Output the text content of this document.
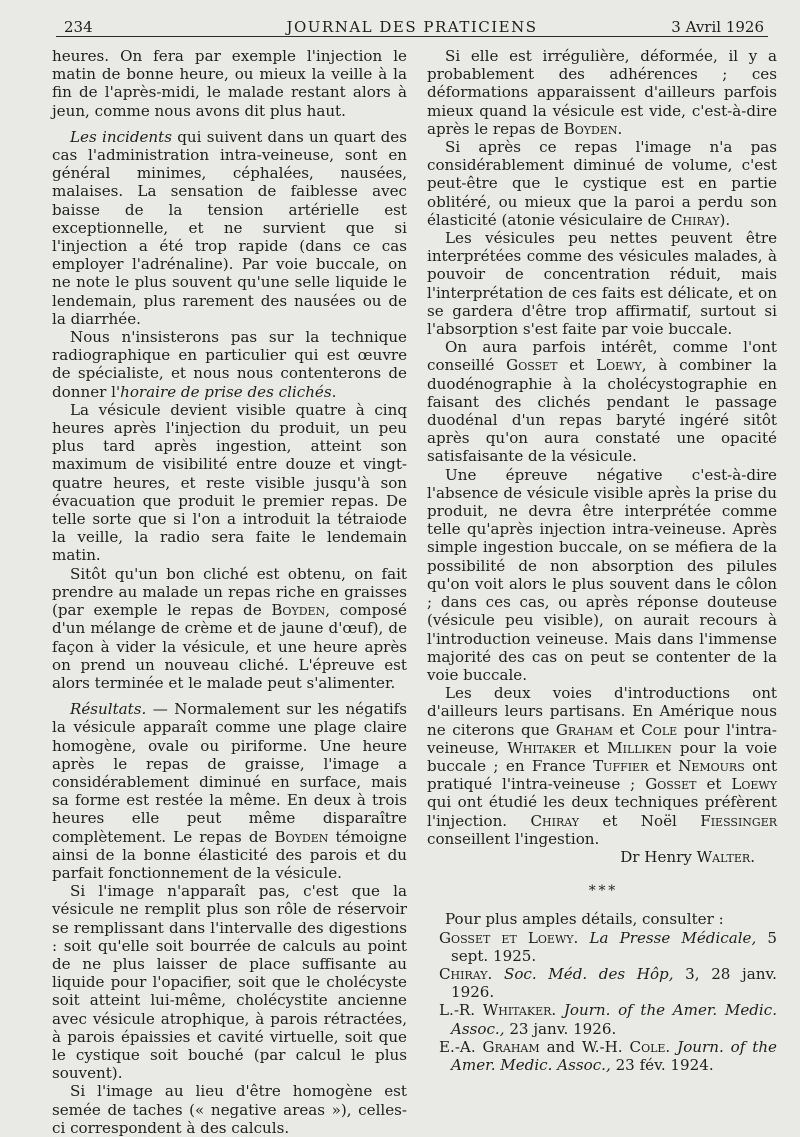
234	JOURNAL DES PRATICIENS	3 Avril 1926

heures. On fera par exemple l'injection le matin de bonne heure, ou mieux la veille à la fin de l'après-midi, le malade restant alors à jeun, comme nous avons dit plus haut.

Les incidents qui suivent dans un quart des cas l'administration intra-veineuse, sont en général minimes, céphalées, nausées, malaises. La sensation de faiblesse avec baisse de la tension artérielle est exceptionnelle, et ne survient que si l'injection a été trop rapide (dans ce cas employer l'adrénaline). Par voie buccale, on ne note le plus souvent qu'une selle liquide le lendemain, plus rarement des nausées ou de la diarrhée.

Nous n'insisterons pas sur la technique radiographique en particulier qui est œuvre de spécialiste, et nous nous contenterons de donner l'horaire de prise des clichés.

La vésicule devient visible quatre à cinq heures après l'injection du produit, un peu plus tard après ingestion, atteint son maximum de visibilité entre douze et vingt-quatre heures, et reste visible jusqu'à son évacuation que produit le premier repas. De telle sorte que si l'on a introduit la tétraiode la veille, la radio sera faite le lendemain matin.

Sitôt qu'un bon cliché est obtenu, on fait prendre au malade un repas riche en graisses (par exemple le repas de Boyden, composé d'un mélange de crème et de jaune d'œuf), de façon à vider la vésicule, et une heure après on prend un nouveau cliché. L'épreuve est alors terminée et le malade peut s'alimenter.

Résultats. — Normalement sur les négatifs la vésicule apparaît comme une plage claire homogène, ovale ou piriforme. Une heure après le repas de graisse, l'image a considérablement diminué en surface, mais sa forme est restée la même. En deux à trois heures elle peut même disparaître complètement. Le repas de Boyden témoigne ainsi de la bonne élasticité des parois et du parfait fonctionnement de la vésicule.

Si l'image n'apparaît pas, c'est que la vésicule ne remplit plus son rôle de réservoir se remplissant dans l'intervalle des digestions : soit qu'elle soit bourrée de calculs au point de ne plus laisser de place suffisante au liquide pour l'opacifier, soit que le cholécyste soit atteint lui-même, cholécystite ancienne avec vésicule atrophique, à parois rétractées, à parois épaissies et cavité virtuelle, soit que le cystique soit bouché (par calcul le plus souvent).

Si l'image au lieu d'être homogène est semée de taches (« negative areas »), celles-ci correspondent à des calculs.

Si elle est irrégulière, déformée, il y a probablement des adhérences ; ces déformations apparaissent d'ailleurs parfois mieux quand la vésicule est vide, c'est-à-dire après le repas de Boyden.

Si après ce repas l'image n'a pas considérablement diminué de volume, c'est peut-être que le cystique est en partie oblitéré, ou mieux que la paroi a perdu son élasticité (atonie vésiculaire de Chiray).

Les vésicules peu nettes peuvent être interprétées comme des vésicules malades, à pouvoir de concentration réduit, mais l'interprétation de ces faits est délicate, et on se gardera d'être trop affirmatif, surtout si l'absorption s'est faite par voie buccale.

On aura parfois intérêt, comme l'ont conseillé Gosset et Loewy, à combiner la duodénographie à la cholécystographie en faisant des clichés pendant le passage duodénal d'un repas baryté ingéré sitôt après qu'on aura constaté une opacité satisfaisante de la vésicule.

Une épreuve négative c'est-à-dire l'absence de vésicule visible après la prise du produit, ne devra être interprétée comme telle qu'après injection intra-veineuse. Après simple ingestion buccale, on se méfiera de la possibilité de non absorption des pilules qu'on voit alors le plus souvent dans le côlon ; dans ces cas, ou après réponse douteuse (vésicule peu visible), on aurait recours à l'introduction veineuse. Mais dans l'immense majorité des cas on peut se contenter de la voie buccale.

Les deux voies d'introductions ont d'ailleurs leurs partisans. En Amérique nous ne citerons que Graham et Cole pour l'intra-veineuse, Whitaker et Milliken pour la voie buccale ; en France Tuffier et Nemours ont pratiqué l'intra-veineuse ; Gosset et Loewy qui ont étudié les deux techniques préfèrent l'injection. Chiray et Noël Fiessinger conseillent l'ingestion.

Dr Henry Walter.

* * *

Pour plus amples détails, consulter :

Gosset et Loewy. La Presse Médicale, 5 sept. 1925.

Chiray. Soc. Méd. des Hôp, 3, 28 janv. 1926.

L.-R. Whitaker. Journ. of the Amer. Medic. Assoc., 23 janv. 1926.

E.-A. Graham and W.-H. Cole. Journ. of the Amer. Medic. Assoc., 23 fév. 1924.
